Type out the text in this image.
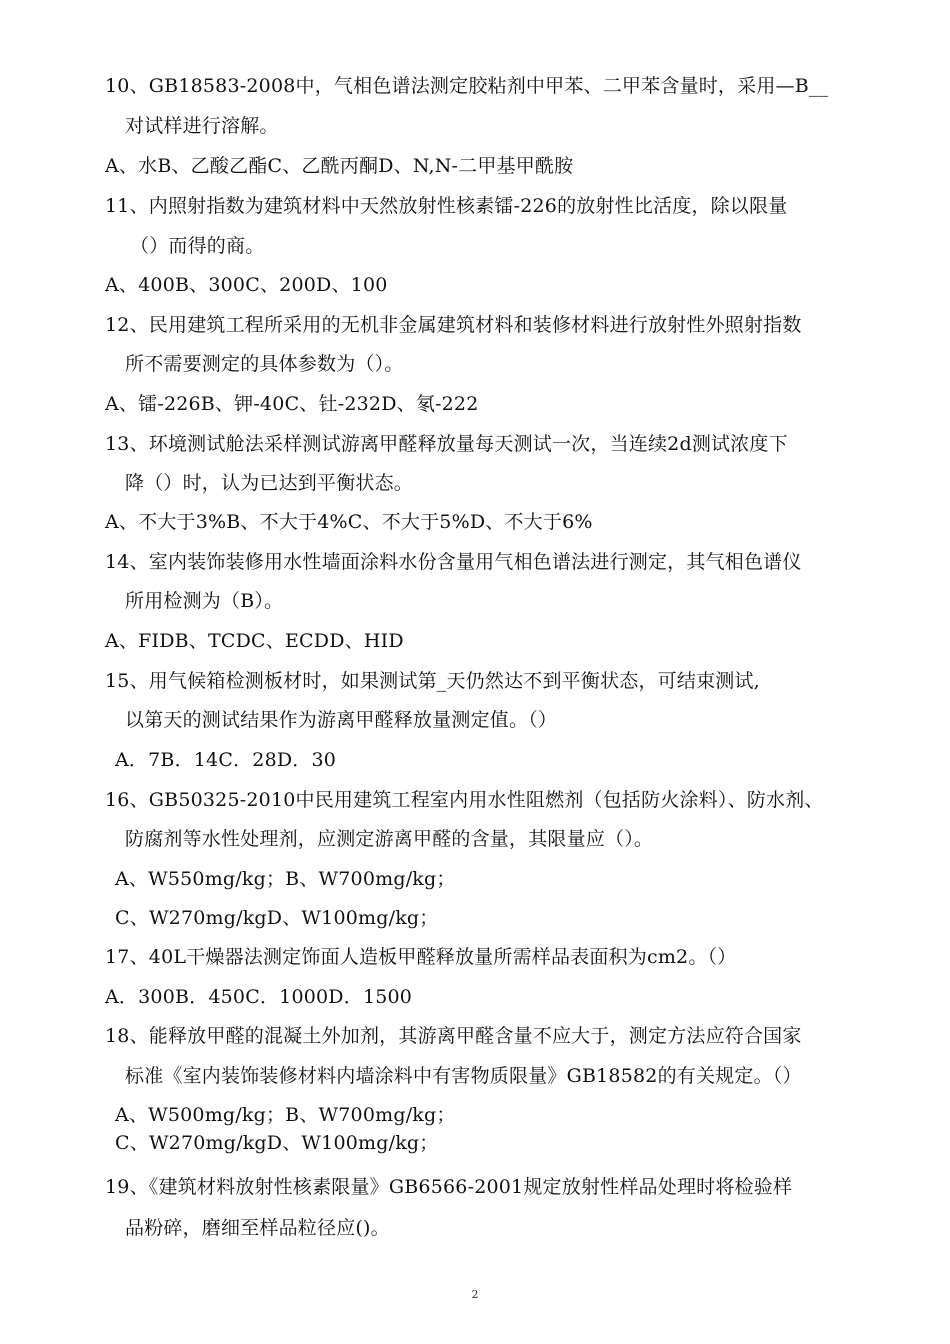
10、GB18583-2008中，气相色谱法测定胶粘剂中甲苯、二甲苯含量时，采用—B__
对试样进行溶解。
A、水B、乙酸乙酯C、乙酰丙酮D、N,N-二甲基甲酰胺
11、内照射指数为建筑材料中天然放射性核素镭-226的放射性比活度，除以限量
（）而得的商。
A、400B、300C、200D、100
12、民用建筑工程所采用的无机非金属建筑材料和装修材料进行放射性外照射指数
所不需要测定的具体参数为（）。
A、镭-226B、钾-40C、钍-232D、氡-222
13、环境测试舱法采样测试游离甲醛释放量每天测试一次，当连续2d测试浓度下
降（）时，认为已达到平衡状态。
A、不大于3%B、不大于4%C、不大于5%D、不大于6%
14、室内装饰装修用水性墙面涂料水份含量用气相色谱法进行测定，其气相色谱仪
所用检测为（B）。
A、FIDB、TCDC、ECDD、HID
15、用气候箱检测板材时，如果测试第_天仍然达不到平衡状态，可结束测试,
以第天的测试结果作为游离甲醛释放量测定值。（）
A．7B．14C．28D．30
16、GB50325-2010中民用建筑工程室内用水性阻燃剂（包括防火涂料）、防水剂、
防腐剂等水性处理剂，应测定游离甲醛的含量，其限量应（）。
A、W550mg/kg；B、W700mg/kg；
C、W270mg/kgD、W100mg/kg；
17、40L干燥器法测定饰面人造板甲醛释放量所需样品表面积为cm2。（）
A．300B．450C．1000D．1500
18、能释放甲醛的混凝土外加剂，其游离甲醛含量不应大于，测定方法应符合国家
标准《室内装饰装修材料内墙涂料中有害物质限量》GB18582的有关规定。（）
A、W500mg/kg；B、W700mg/kg；
C、W270mg/kgD、W100mg/kg；
19、《建筑材料放射性核素限量》GB6566-2001规定放射性样品处理时将检验样
品粉碎，磨细至样品粒径应()。
2
